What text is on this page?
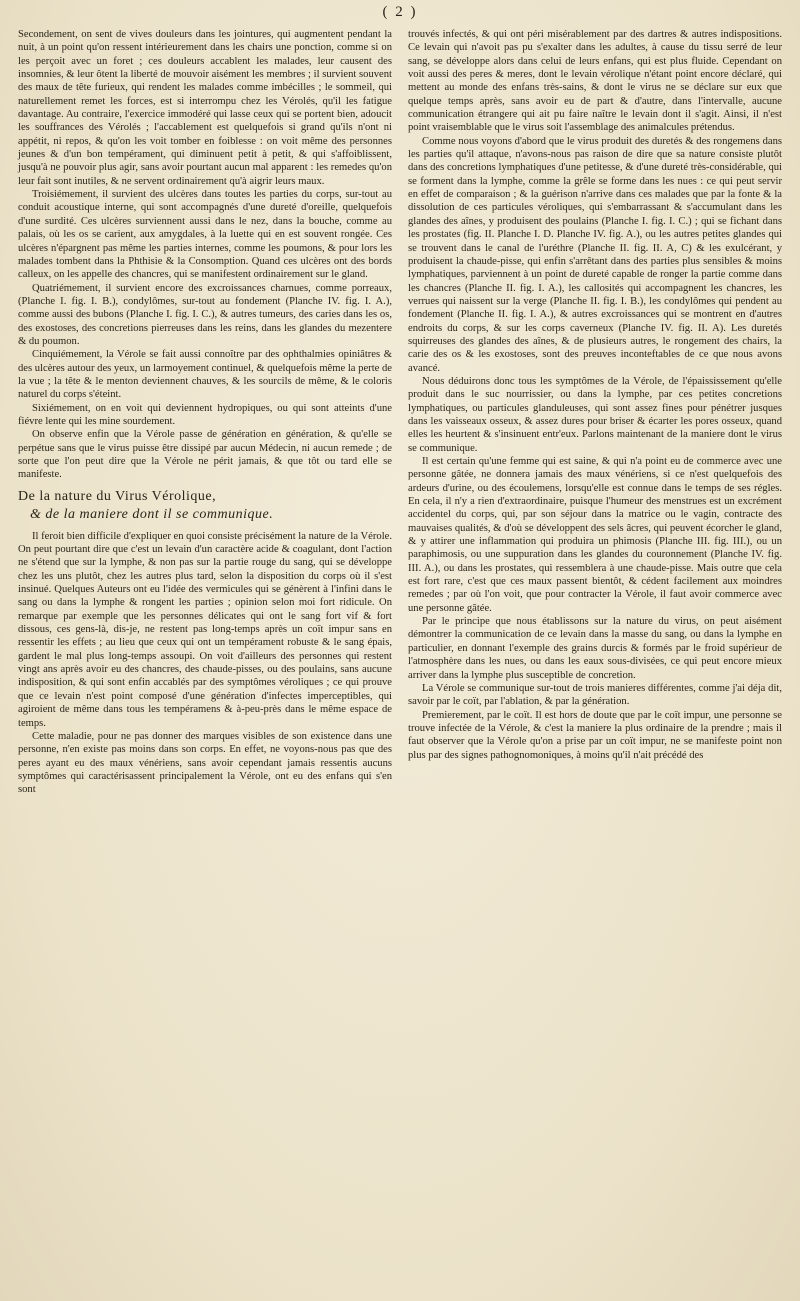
( 2 )

Secondement, on sent de vives douleurs dans les jointures, qui augmentent pendant la nuit, à un point qu'on ressent intérieurement dans les chairs une ponction, comme si on les perçoit avec un foret ; ces douleurs accablent les malades, leur causent des insomnies, & leur ôtent la liberté de mouvoir aisément les membres ; il survient souvent des maux de tête furieux, qui rendent les malades comme imbécilles ; le sommeil, qui naturellement remet les forces, est si interrompu chez les Vérolés, qu'il les fatigue davantage. Au contraire, l'exercice immodéré qui lasse ceux qui se portent bien, adoucit les souffrances des Vérolés ; l'accablement est quelquefois si grand qu'ils n'ont ni appétit, ni repos, & qu'on les voit tomber en foiblesse : on voit même des personnes jeunes & d'un bon tempérament, qui diminuent petit à petit, & qui s'affoiblissent, jusqu'à ne pouvoir plus agir, sans avoir pourtant aucun mal apparent : les remedes qu'on leur fait sont inutiles, & ne servent ordinairement qu'à aigrir leurs maux.

Troisiémement, il survient des ulcères dans toutes les parties du corps, sur-tout au conduit acoustique interne, qui sont accompagnés d'une dureté d'oreille, quelquefois d'une surdité. Ces ulcères surviennent aussi dans le nez, dans la bouche, comme au palais, où les os se carient, aux amygdales, à la luette qui en est souvent rongée. Ces ulcères n'épargnent pas même les parties internes, comme les poumons, & pour lors les malades tombent dans la Phthisie & la Consomption. Quand ces ulcères ont des bords calleux, on les appelle des chancres, qui se manifestent ordinairement sur le gland.

Quatriémement, il survient encore des excroissances charnues, comme porreaux, (Planche I. fig. I. B.), condylômes, sur-tout au fondement (Planche IV. fig. I. A.), comme aussi des bubons (Planche I. fig. I. C.), & autres tumeurs, des caries dans les os, des exostoses, des concretions pierreuses dans les reins, dans les glandes du mezentere & du poumon.

Cinquiémement, la Vérole se fait aussi connoître par des ophthalmies opiniâtres & des ulcères autour des yeux, un larmoyement continuel, & quelquefois même la perte de la vue ; la tête & le menton deviennent chauves, & les sourcils de même, & le coloris naturel du corps s'éteint.

Sixiémement, on en voit qui deviennent hydropiques, ou qui sont atteints d'une fiévre lente qui les mine sourdement.

On observe enfin que la Vérole passe de génération en génération, & qu'elle se perpétue sans que le virus puisse être dissipé par aucun Médecin, ni aucun remede ; de sorte que l'on peut dire que la Vérole ne périt jamais, & que tôt ou tard elle se manifeste.

De la nature du Virus Vérolique,
& de la maniere dont il se communique.

Il feroit bien difficile d'expliquer en quoi consiste précisément la nature de la Vérole. On peut pourtant dire que c'est un levain d'un caractère acide & coagulant, dont l'action ne s'étend que sur la lymphe, & non pas sur la partie rouge du sang, qui se développe chez les uns plutôt, chez les autres plus tard, selon la disposition du corps où il s'est insinué. Quelques Auteurs ont eu l'idée des vermicules qui se génèrent à l'infini dans le sang ou dans la lymphe & rongent les parties ; opinion selon moi fort ridicule. On remarque par exemple que les personnes délicates qui ont le sang fort vif & fort dissous, ces gens-là, dis-je, ne restent pas long-temps après un coït impur sans en ressentir les effets ; au lieu que ceux qui ont un tempérament robuste & le sang épais, gardent le mal plus long-temps assoupi. On voit d'ailleurs des personnes qui restent vingt ans après avoir eu des chancres, des chaude-pisses, ou des poulains, sans aucune indisposition, & qui sont enfin accablés par des symptômes véroliques ; ce qui prouve que ce levain n'est point composé d'une génération d'infectes imperceptibles, qui agiroient de même dans tous les tempéramens & à-peu-près dans le même espace de temps.

Cette maladie, pour ne pas donner des marques visibles de son existence dans une personne, n'en existe pas moins dans son corps. En effet, ne voyons-nous pas que des peres ayant eu des maux vénériens, sans avoir cependant jamais ressentis aucuns symptômes qui caractérisassent principalement la Vérole, ont eu des enfans qui s'en sont

trouvés infectés, & qui ont péri misérablement par des dartres & autres indispositions. Ce levain qui n'avoit pas pu s'exalter dans les adultes, à cause du tissu serré de leur sang, se développe alors dans celui de leurs enfans, qui est plus fluide. Cependant on voit aussi des peres & meres, dont le levain vérolique n'étant point encore déclaré, qui mettent au monde des enfans très-sains, & dont le virus ne se déclare sur eux que quelque temps après, sans avoir eu de part & d'autre, dans l'intervalle, aucune communication étrangere qui ait pu faire naître le levain dont il s'agit. Ainsi, il n'est point vraisemblable que le virus soit l'assemblage des animalcules prétendus.

Comme nous voyons d'abord que le virus produit des duretés & des rongemens dans les parties qu'il attaque, n'avons-nous pas raison de dire que sa nature consiste plutôt dans des concretions lymphatiques d'une petitesse, & d'une dureté très-considérable, qui se forment dans la lymphe, comme la grêle se forme dans les nues : ce qui peut servir en effet de comparaison ; & la guérison n'arrive dans ces malades que par la fonte & la dissolution de ces particules véroliques, qui s'embarrassant & s'accumulant dans les glandes des aînes, y produisent des poulains (Planche I. fig. I. C.) ; qui se fichant dans les prostates (fig. II. Planche I. D. Planche IV. fig. A.), ou les autres petites glandes qui se trouvent dans le canal de l'uréthre (Planche II. fig. II. A, C) & les exulcérant, y produisent la chaude-pisse, qui enfin s'arrêtant dans des parties plus sensibles & moins lymphatiques, parviennent à un point de dureté capable de ronger la partie comme dans les chancres (Planche II. fig. I. A.), les callosités qui accompagnent les chancres, les verrues qui naissent sur la verge (Planche II. fig. I. B.), les condylômes qui pendent au fondement (Planche II. fig. I. A.), & autres excroissances qui se montrent en d'autres endroits du corps, & sur les corps caverneux (Planche IV. fig. II. A). Les duretés squirreuses des glandes des aînes, & de plusieurs autres, le rongement des chairs, la carie des os & les exostoses, sont des preuves inconteftables de ce que nous avons avancé.

Nous déduirons donc tous les symptômes de la Vérole, de l'épaississement qu'elle produit dans le suc nourrissier, ou dans la lymphe, par ces petites concretions lymphatiques, ou particules glanduleuses, qui sont assez fines pour pénétrer jusques dans les vaisseaux osseux, & assez dures pour briser & écarter les pores osseux, quand elles les heurtent & s'insinuent entr'eux. Parlons maintenant de la maniere dont le virus se communique.

Il est certain qu'une femme qui est saine, & qui n'a point eu de commerce avec une personne gâtée, ne donnera jamais des maux vénériens, si ce n'est quelquefois des ardeurs d'urine, ou des écoulemens, lorsqu'elle est connue dans le temps de ses régles. En cela, il n'y a rien d'extraordinaire, puisque l'humeur des menstrues est un excrément accidentel du corps, qui, par son séjour dans la matrice ou le vagin, contracte des mauvaises qualités, & d'où se développent des sels âcres, qui peuvent écorcher le gland, & y attirer une inflammation qui produira un phimosis (Planche III. fig. III.), ou un paraphimosis, ou une suppuration dans les glandes du couronnement (Planche IV. fig. III. A.), ou dans les prostates, qui ressemblera à une chaude-pisse. Mais outre que cela est fort rare, c'est que ces maux passent bientôt, & cédent facilement aux moindres remedes ; par où l'on voit, que pour contracter la Vérole, il faut avoir commerce avec une personne gâtée.

Par le principe que nous établissons sur la nature du virus, on peut aisément démontrer la communication de ce levain dans la masse du sang, ou dans la lymphe en particulier, en donnant l'exemple des grains durcis & formés par le froid supérieur de l'atmosphère dans les nues, ou dans les eaux sous-divisées, ce qui peut encore mieux arriver dans la lymphe plus susceptible de concretion.

La Vérole se communique sur-tout de trois manieres différentes, comme j'ai déja dit, savoir par le coït, par l'ablation, & par la génération.

Premierement, par le coït. Il est hors de doute que par le coït impur, une personne se trouve infectée de la Vérole, & c'est la maniere la plus ordinaire de la prendre ; mais il faut observer que la Vérole qu'on a prise par un coït impur, ne se manifeste point non plus par des signes pathognomoniques, à moins qu'il n'ait précédé des
